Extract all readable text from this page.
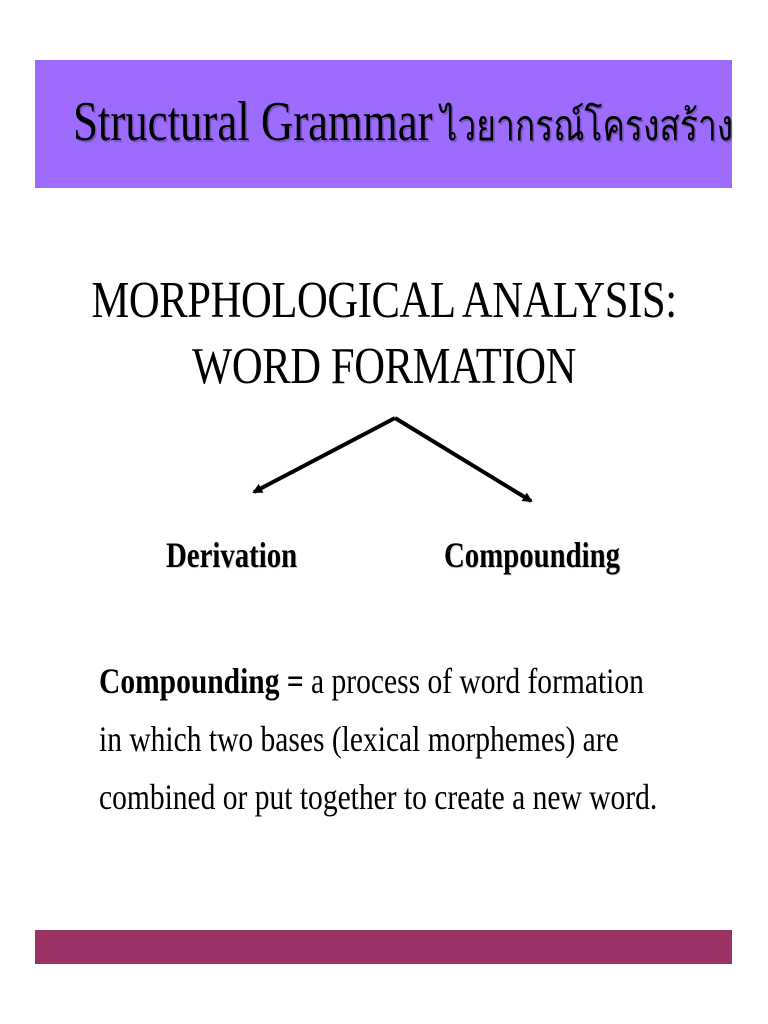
Structural Grammar ไวยากรณ์โครงสร้าง
MORPHOLOGICAL ANALYSIS:
WORD FORMATION
Derivation	Compounding
Compounding = a process of word formation
in which two bases (lexical morphemes) are
combined or put together to create a new word.
